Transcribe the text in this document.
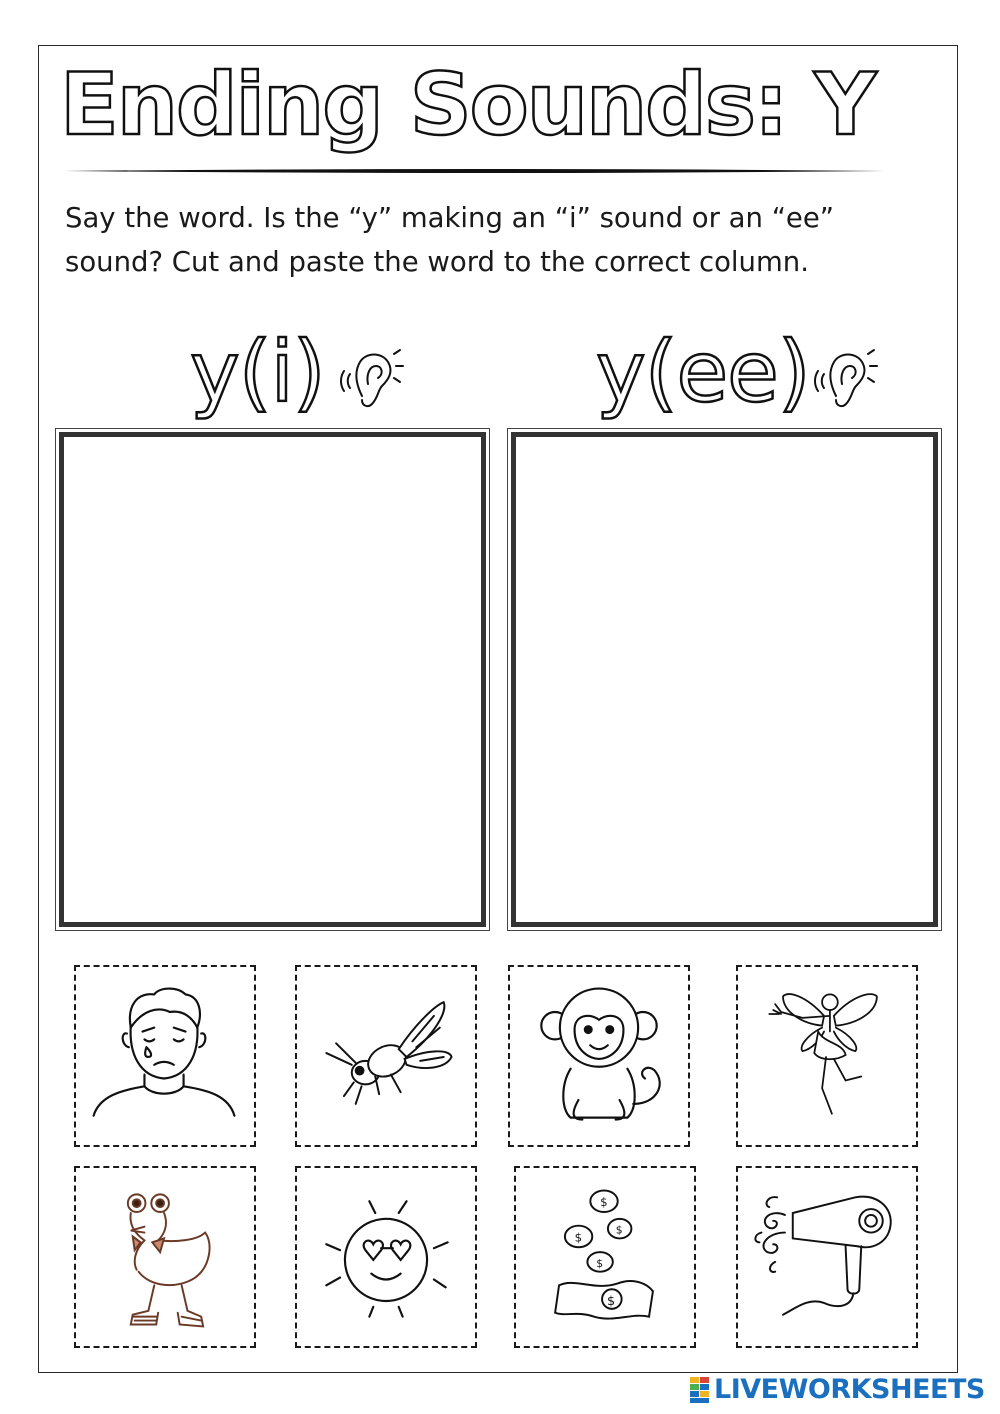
Ending Sounds: Y

Say the word. Is the “y” making an “i” sound or an “ee” sound? Cut and paste the word to the correct column.

y(i)	y(ee)
$
$
$
$
$
LIVEWORKSHEETS
